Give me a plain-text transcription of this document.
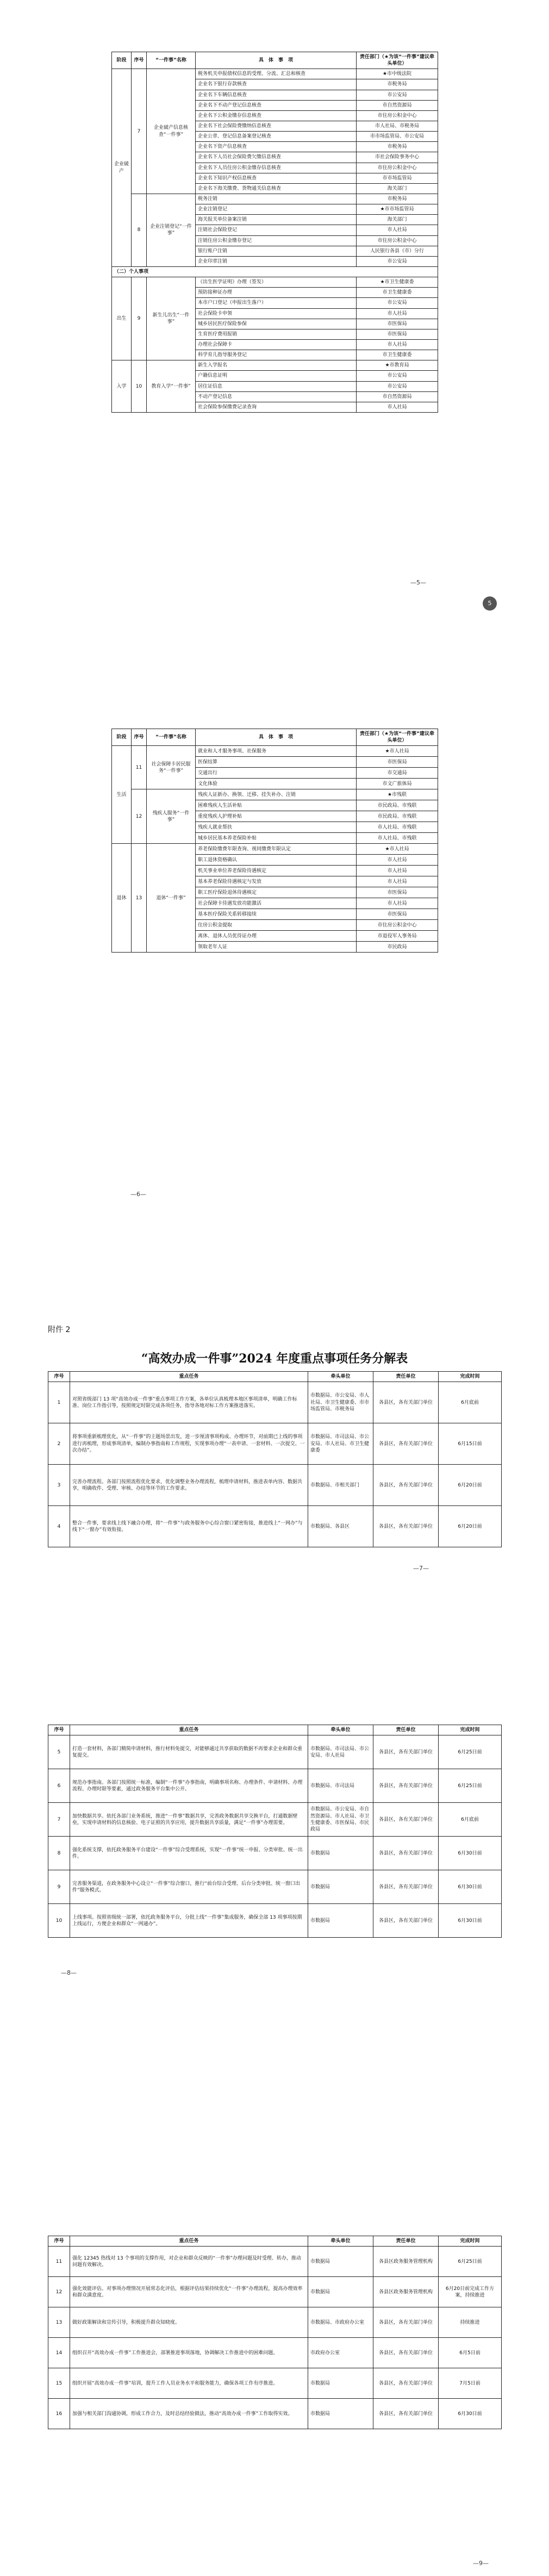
阶段	序号	“一件事”名称	具　体　事　项	责任部门（★为该“一件事”建议牵头单位）
企业破产	7	企业破产信息核查“一件事”	税务机关申报债权信息的受理、分流、汇总和核查	★市中级法院
			企业名下银行存款核查	市税务局
			企业名下车辆信息核查	市公安局
			企业名下不动产登记信息核查	市自然资源局
			企业名下公积金缴存信息核查	市住房公积金中心
			企业名下社会保险费缴纳信息核查	市人社局、市税务局
			企业公章、登记信息备案登记核查	市市场监管局、市公安局
			企业名下资产信息核查	市税务局
			企业名下人员社会保险费欠缴信息核查	市社会保险事务中心
			企业名下人员住房公积金缴存信息核查	市住房公积金中心
			企业名下知识产权信息核查	市市场监管局
			企业名下海关缴费、货物通关信息核查	海关部门
	8	企业注销登记“一件事”	税务注销	市税务局
			企业注销登记	★市市场监管局
			海关报关单位备案注销	海关部门
			注销社会保险登记	市人社局
			注销住房公积金缴存登记	市住房公积金中心
			银行账户注销	人民银行各县（市）分行
			企业印章注销	市公安局
（二）个人事项				
出生	9	新生儿出生“一件事”	《出生医学证明》办理（签发）	★市卫生健康委
			预防接种证办理	市卫生健康委
			本市户口登记（申报出生落户）	市公安局
			社会保险卡申领	市人社局
			城乡居民医疗保险参保	市医保局
			生育医疗费用报销	市医保局
			办理社会保障卡	市人社局
			科学育儿指导服务登记	市卫生健康委
入学	10	教育入学“一件事”	新生入学报名	★市教育局
			户籍信息证明	市公安局
			居住证信息	市公安局
			不动产登记信息	市自然资源局
			社会保险参保缴费记录查询	市人社局
—5—
5
阶段	序号	“一件事”名称	具　体　事　项	责任部门（★为该“一件事”建议牵头单位）
生活	11	社会保障卡居民服务“一件事”	就业和人才服务事项、社保服务	★市人社局
			医保结算	市医保局
			交通出行	市交通局
			文化体验	市文广旅体局
	12	残疾人服务“一件事”	残疾人证新办、换领、迁移、挂失补办、注销	★市残联
			困难残疾人生活补贴	市民政局、市残联
			重度残疾人护理补贴	市民政局、市残联
			残疾人就业帮扶	市人社局、市残联
			城乡居民基本养老保险补贴	市人社局、市残联
退休	13	退休“一件事”	养老保险缴费年限查询、视同缴费年限认定	★市人社局
			职工退休资格确认	市人社局
			机关事业单位养老保险待遇核定	市人社局
			基本养老保险待遇核定与发放	市人社局
			职工医疗保险退休待遇核定	市医保局
			社会保障卡待遇发放功能激活	市人社局
			基本医疗保险关系转移接续	市医保局
			住房公积金提取	市住房公积金中心
			离休、退休人员优待证办理	市退役军人事务局
			领取老年人证	市民政局
—6—
附件 2
“高效办成一件事”2024 年度重点事项任务分解表
序号	重点任务	牵头单位	责任单位	完成时间
1	对照省级部门 13 项“高效办成一件事”重点事项工作方案，各单位认真梳理本地区事项清单，明确工作标准、岗位工作指引等，按照规定时限完成各项任务，指导各地对标工作方案推进落实。	市数据局、市公安局、市人社局、市卫生健康委、市市场监管局、市税务局	各县区，各有关部门单位	6月底前
2	将事项重新梳理优化，从“一件事”的主题场景出发，进一步厘清事项构成、办理环节，对前期已上线的事项进行再梳理，形成事项清单，编制办事指南和工作规程，实现事项办理“一表申请、一套材料、一次提交、一次办结”。	市数据局、市司法局、市公安局、市人社局、市卫生健康委	各县区，各有关部门单位	6月15日前
3	完善办理流程。各部门按照流程优化要求，优化调整业务办理流程，梳理申请材料，推进表单内容、数据共享，明确收件、受理、审核、办结等环节的工作要求。	市数据局、市相关部门	各县区，各有关部门单位	6月20日前
4	整合一件事，要求线上线下融合办理，将“一件事”与政务服务中心综合窗口紧密衔接，推进线上“一网办”与线下“一窗办”有效衔接。	市数据局、各县区	各县区，各有关部门单位	6月20日前
—7—
序号	重点任务	牵头单位	责任单位	完成时间
5	打造一套材料，各部门精简申请材料，推行材料免提交，对能够通过共享获取的数据不再要求企业和群众重复提交。	市数据局、市司法局、市公安局、市人社局	各县区，各有关部门单位	6月25日前
6	规范办事指南。各部门按照统一标准，编制“一件事”办事指南，明确事项名称、办理条件、申请材料、办理流程、办理时限等要素，通过政务服务平台集中公开。	市数据局、市司法局	各县区，各有关部门单位	6月25日前
7	加快数据共享。依托各部门业务系统，推进“一件事”数据共享，完善政务数据共享交换平台，打通数据壁垒，实现申请材料的信息核验、电子证照的共享应用，提升数据共享质量，满足“一件事”办理需要。	市数据局、市公安局、市自然资源局、市人社局、市卫生健康委、市医保局、市民政局	各县区，各有关部门单位	6月底前
8	强化系统支撑，依托政务服务平台建设“一件事”综合受理系统，实现“一件事”统一申报、分类审批、统一出件。	市数据局	各县区，各有关部门单位	6月30日前
9	完善服务渠道，在政务服务中心设立“一件事”综合窗口，推行“前台综合受理、后台分类审批、统一窗口出件”服务模式。	市数据局	各县区，各有关部门单位	6月30日前
10	上线事项。按照省级统一部署，依托政务服务平台，分批上线“一件事”集成服务，确保全部 13 项事项按期上线运行，方便企业和群众“一网通办”。	市数据局	各县区，各有关部门单位	6月30日前
—8—
序号	重点任务	牵头单位	责任单位	完成时间
11	强化 12345 热线对 13 个事项的支撑作用，对企业和群众反映的“一件事”办理问题及时受理、转办，推动问题有效解决。	市数据局	各县区政务服务管理机构	6月25日前
12	强化效能评估。对事项办理情况开展常态化评估，根据评估结果持续优化“一件事”办理流程，提高办理效率和群众满意度。	市数据局	各县区政务服务管理机构	6月20日前完成工作方案，持续推进
13	做好政策解读和宣传引导，积极提升群众知晓度。	市数据局、市政府办公室	各县区，各有关部门单位	持续推进
14	组织召开“高效办成一件事”工作推进会，部署推进事项落地，协调解决工作推进中的困难问题。	市政府办公室	各县区，各有关部门单位	6月5日前
15	组织开展“高效办成一件事”培训，提升工作人员业务水平和服务能力，确保各项工作有序推进。	市数据局	各县区，各有关部门单位	7月5日前
16	加强与相关部门沟通协调，形成工作合力，及时总结经验做法，推动“高效办成一件事”工作取得实效。	市数据局	各县区，各有关部门单位	6月30日前
—9—
